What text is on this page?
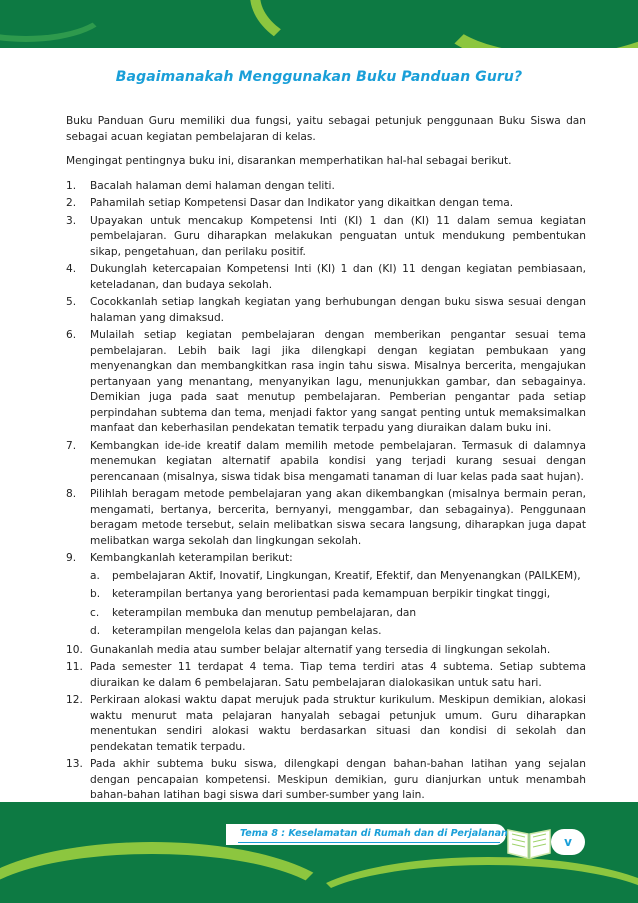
Bagaimanakah Menggunakan Buku Panduan Guru?

Buku Panduan Guru memiliki dua fungsi, yaitu sebagai petunjuk penggunaan Buku Siswa dan sebagai acuan kegiatan pembelajaran di kelas.

Mengingat pentingnya buku ini, disarankan memperhatikan hal-hal sebagai berikut.

1. Bacalah halaman demi halaman dengan teliti.
2. Pahamilah setiap Kompetensi Dasar dan Indikator yang dikaitkan dengan tema.
3. Upayakan untuk mencakup Kompetensi Inti (KI) 1 dan (KI) 11 dalam semua kegiatan pembelajaran. Guru diharapkan melakukan penguatan untuk mendukung pembentukan sikap, pengetahuan, dan perilaku positif.
4. Dukunglah ketercapaian Kompetensi Inti (KI) 1 dan (KI) 11 dengan kegiatan pembiasaan, keteladanan, dan budaya sekolah.
5. Cocokkanlah setiap langkah kegiatan yang berhubungan dengan buku siswa sesuai dengan halaman yang dimaksud.
6. Mulailah setiap kegiatan pembelajaran dengan memberikan pengantar sesuai tema pembelajaran. Lebih baik lagi jika dilengkapi dengan kegiatan pembukaan yang menyenangkan dan membangkitkan rasa ingin tahu siswa. Misalnya bercerita, mengajukan pertanyaan yang menantang, menyanyikan lagu, menunjukkan gambar, dan sebagainya. Demikian juga pada saat menutup pembelajaran. Pemberian pengantar pada setiap perpindahan subtema dan tema, menjadi faktor yang sangat penting untuk memaksimalkan manfaat dan keberhasilan pendekatan tematik terpadu yang diuraikan dalam buku ini.
7. Kembangkan ide-ide kreatif dalam memilih metode pembelajaran. Termasuk di dalamnya menemukan kegiatan alternatif apabila kondisi yang terjadi kurang sesuai dengan perencanaan (misalnya, siswa tidak bisa mengamati tanaman di luar kelas pada saat hujan).
8. Pilihlah beragam metode pembelajaran yang akan dikembangkan (misalnya bermain peran, mengamati, bertanya, bercerita, bernyanyi, menggambar, dan sebagainya). Penggunaan beragam metode tersebut, selain melibatkan siswa secara langsung, diharapkan juga dapat melibatkan warga sekolah dan lingkungan sekolah.
9. Kembangkanlah keterampilan berikut:
a. pembelajaran Aktif, Inovatif, Lingkungan, Kreatif, Efektif, dan Menyenangkan (PAILKEM),
b. keterampilan bertanya yang berorientasi pada kemampuan berpikir tingkat tinggi,
c. keterampilan membuka dan menutup pembelajaran, dan
d. keterampilan mengelola kelas dan pajangan kelas.
10. Gunakanlah media atau sumber belajar alternatif yang tersedia di lingkungan sekolah.
11. Pada semester 11 terdapat 4 tema. Tiap tema terdiri atas 4 subtema. Setiap subtema diuraikan ke dalam 6 pembelajaran. Satu pembelajaran dialokasikan untuk satu hari.
12. Perkiraan alokasi waktu dapat merujuk pada struktur kurikulum. Meskipun demikian, alokasi waktu menurut mata pelajaran hanyalah sebagai petunjuk umum. Guru diharapkan menentukan sendiri alokasi waktu berdasarkan situasi dan kondisi di sekolah dan pendekatan tematik terpadu.
13. Pada akhir subtema buku siswa, dilengkapi dengan bahan-bahan latihan yang sejalan dengan pencapaian kompetensi. Meskipun demikian, guru dianjurkan untuk menambah bahan-bahan latihan bagi siswa dari sumber-sumber yang lain.
Tema 8 : Keselamatan di Rumah dan di Perjalanan
v
